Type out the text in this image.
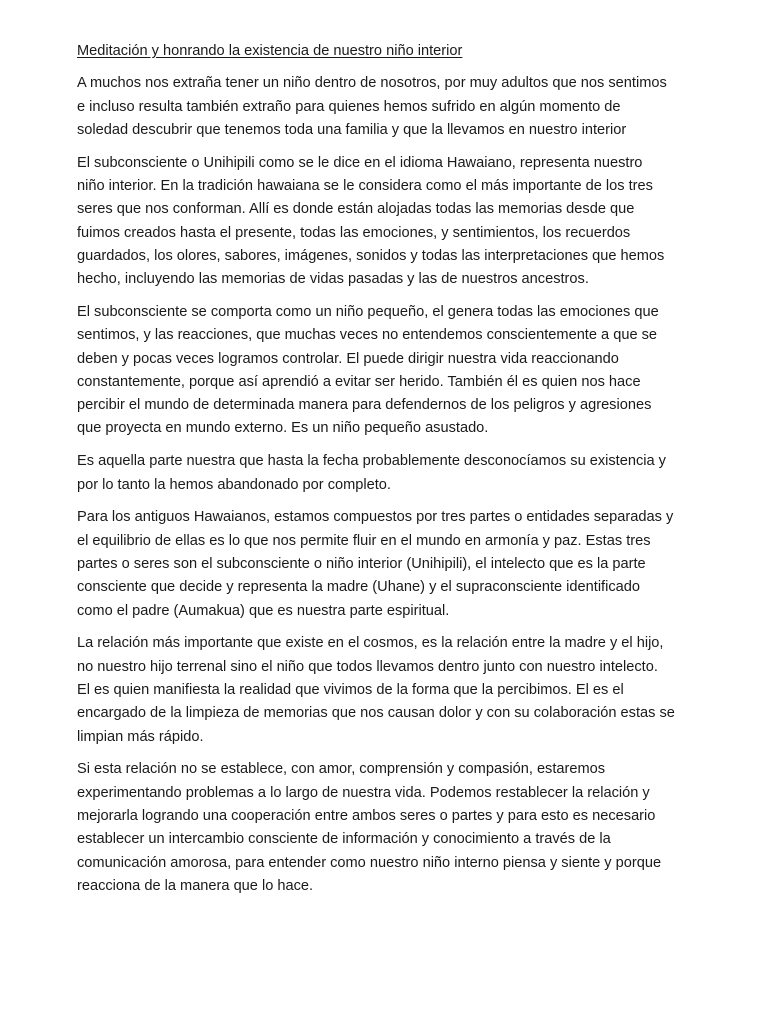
Meditación y honrando la existencia de nuestro niño interior
A muchos nos extraña tener un niño dentro de nosotros, por muy adultos que nos sentimos
e incluso resulta también extraño para quienes hemos sufrido en algún momento de
soledad descubrir que tenemos toda una familia y que la llevamos en nuestro interior
El subconsciente o Unihipili como se le dice en el idioma Hawaiano, representa nuestro
niño interior. En la tradición hawaiana se le considera como el más importante de los tres
seres que nos conforman. Allí es donde están alojadas todas las memorias desde que
fuimos creados hasta el presente, todas las emociones, y sentimientos, los recuerdos
guardados, los olores, sabores, imágenes, sonidos y todas las interpretaciones que hemos
hecho, incluyendo las memorias de vidas pasadas y las de nuestros ancestros.
El subconsciente se comporta como un niño pequeño, el genera todas las emociones que
sentimos, y las reacciones, que muchas veces no entendemos conscientemente a que se
deben y pocas veces logramos controlar. El puede dirigir nuestra vida reaccionando
constantemente, porque así aprendió a evitar ser herido. También él es quien nos hace
percibir el mundo de determinada manera para defendernos de los peligros y agresiones
que proyecta en mundo externo. Es un niño pequeño asustado.
Es aquella parte nuestra que hasta la fecha probablemente desconocíamos su existencia y
por lo tanto la hemos abandonado por completo.
Para los antiguos Hawaianos, estamos compuestos por tres partes o entidades separadas y
el equilibrio de ellas es lo que nos permite fluir en el mundo en armonía y paz. Estas tres
partes o seres son el subconsciente o niño interior (Unihipili), el intelecto que es la parte
consciente que decide y representa la madre (Uhane) y el supraconsciente identificado
como el padre (Aumakua) que es nuestra parte espiritual.
La relación más importante que existe en el cosmos, es la relación entre la madre y el hijo,
no nuestro hijo terrenal sino el niño que todos llevamos dentro junto con nuestro intelecto.
El es quien manifiesta la realidad que vivimos de la forma que la percibimos. El es el
encargado de la limpieza de memorias que nos causan dolor y con su colaboración estas se
limpian más rápido.
Si esta relación no se establece, con amor, comprensión y compasión, estaremos
experimentando problemas a lo largo de nuestra vida. Podemos restablecer la relación y
mejorarla logrando una cooperación entre ambos seres o partes y para esto es necesario
establecer un intercambio consciente de información y conocimiento a través de la
comunicación amorosa, para entender como nuestro niño interno piensa y siente y porque
reacciona de la manera que lo hace.
